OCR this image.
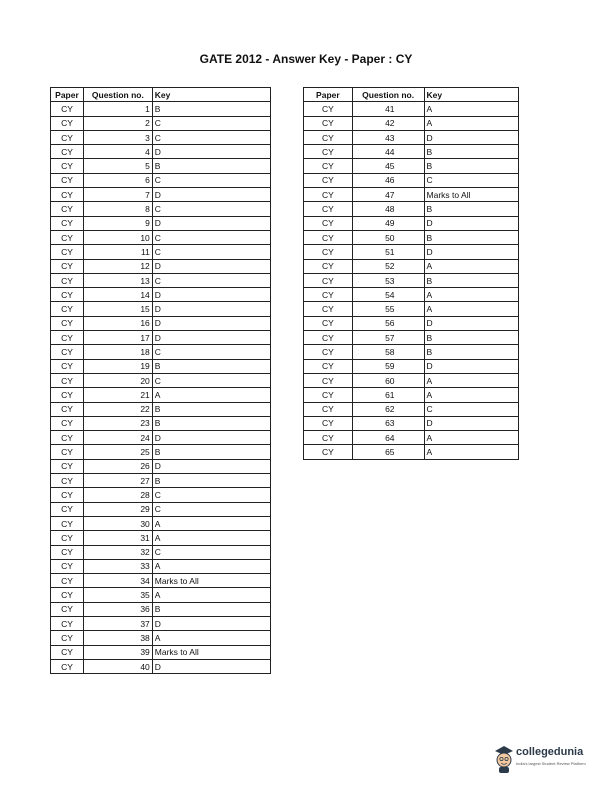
GATE 2012 - Answer Key - Paper : CY
Paper	Question no.	Key
CY	1	B
CY	2	C
CY	3	C
CY	4	D
CY	5	B
CY	6	C
CY	7	D
CY	8	C
CY	9	D
CY	10	C
CY	11	C
CY	12	D
CY	13	C
CY	14	D
CY	15	D
CY	16	D
CY	17	D
CY	18	C
CY	19	B
CY	20	C
CY	21	A
CY	22	B
CY	23	B
CY	24	D
CY	25	B
CY	26	D
CY	27	B
CY	28	C
CY	29	C
CY	30	A
CY	31	A
CY	32	C
CY	33	A
CY	34	Marks to All
CY	35	A
CY	36	B
CY	37	D
CY	38	A
CY	39	Marks to All
CY	40	D
Paper	Question no.	Key
CY	41	A
CY	42	A
CY	43	D
CY	44	B
CY	45	B
CY	46	C
CY	47	Marks to All
CY	48	B
CY	49	D
CY	50	B
CY	51	D
CY	52	A
CY	53	B
CY	54	A
CY	55	A
CY	56	D
CY	57	B
CY	58	B
CY	59	D
CY	60	A
CY	61	A
CY	62	C
CY	63	D
CY	64	A
CY	65	A
collegedunia
India's largest Student Review Platform
